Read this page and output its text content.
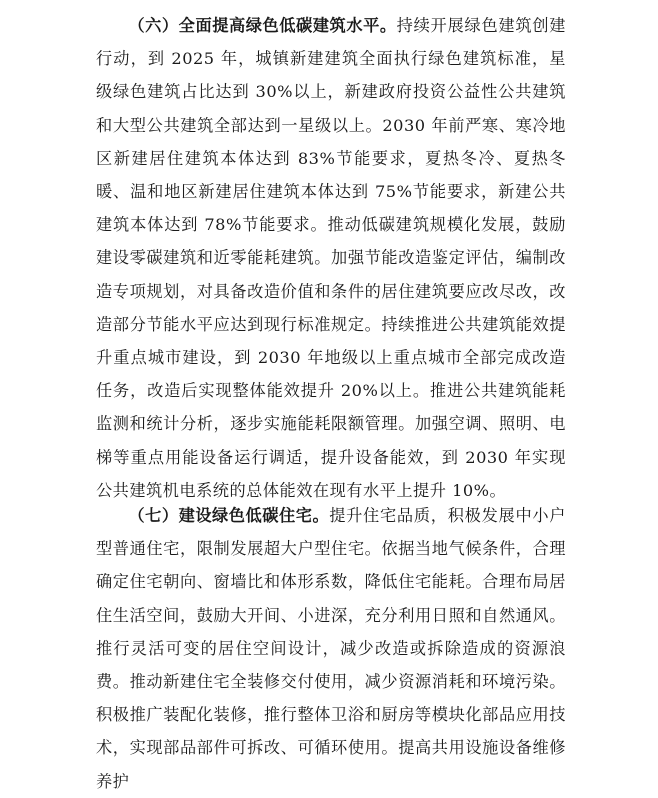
（六）全面提高绿色低碳建筑水平。持续开展绿色建筑创建行动，到 2025 年，城镇新建建筑全面执行绿色建筑标准，星级绿色建筑占比达到 30%以上，新建政府投资公益性公共建筑和大型公共建筑全部达到一星级以上。2030 年前严寒、寒冷地区新建居住建筑本体达到 83%节能要求，夏热冬冷、夏热冬暖、温和地区新建居住建筑本体达到 75%节能要求，新建公共建筑本体达到 78%节能要求。推动低碳建筑规模化发展，鼓励建设零碳建筑和近零能耗建筑。加强节能改造鉴定评估，编制改造专项规划，对具备改造价值和条件的居住建筑要应改尽改，改造部分节能水平应达到现行标准规定。持续推进公共建筑能效提升重点城市建设，到 2030 年地级以上重点城市全部完成改造任务，改造后实现整体能效提升 20%以上。推进公共建筑能耗监测和统计分析，逐步实施能耗限额管理。加强空调、照明、电梯等重点用能设备运行调适，提升设备能效，到 2030 年实现公共建筑机电系统的总体能效在现有水平上提升 10%。

（七）建设绿色低碳住宅。提升住宅品质，积极发展中小户型普通住宅，限制发展超大户型住宅。依据当地气候条件，合理确定住宅朝向、窗墙比和体形系数，降低住宅能耗。合理布局居住生活空间，鼓励大开间、小进深，充分利用日照和自然通风。推行灵活可变的居住空间设计，减少改造或拆除造成的资源浪费。推动新建住宅全装修交付使用，减少资源消耗和环境污染。积极推广装配化装修，推行整体卫浴和厨房等模块化部品应用技术，实现部品部件可拆改、可循环使用。提高共用设施设备维修养护
